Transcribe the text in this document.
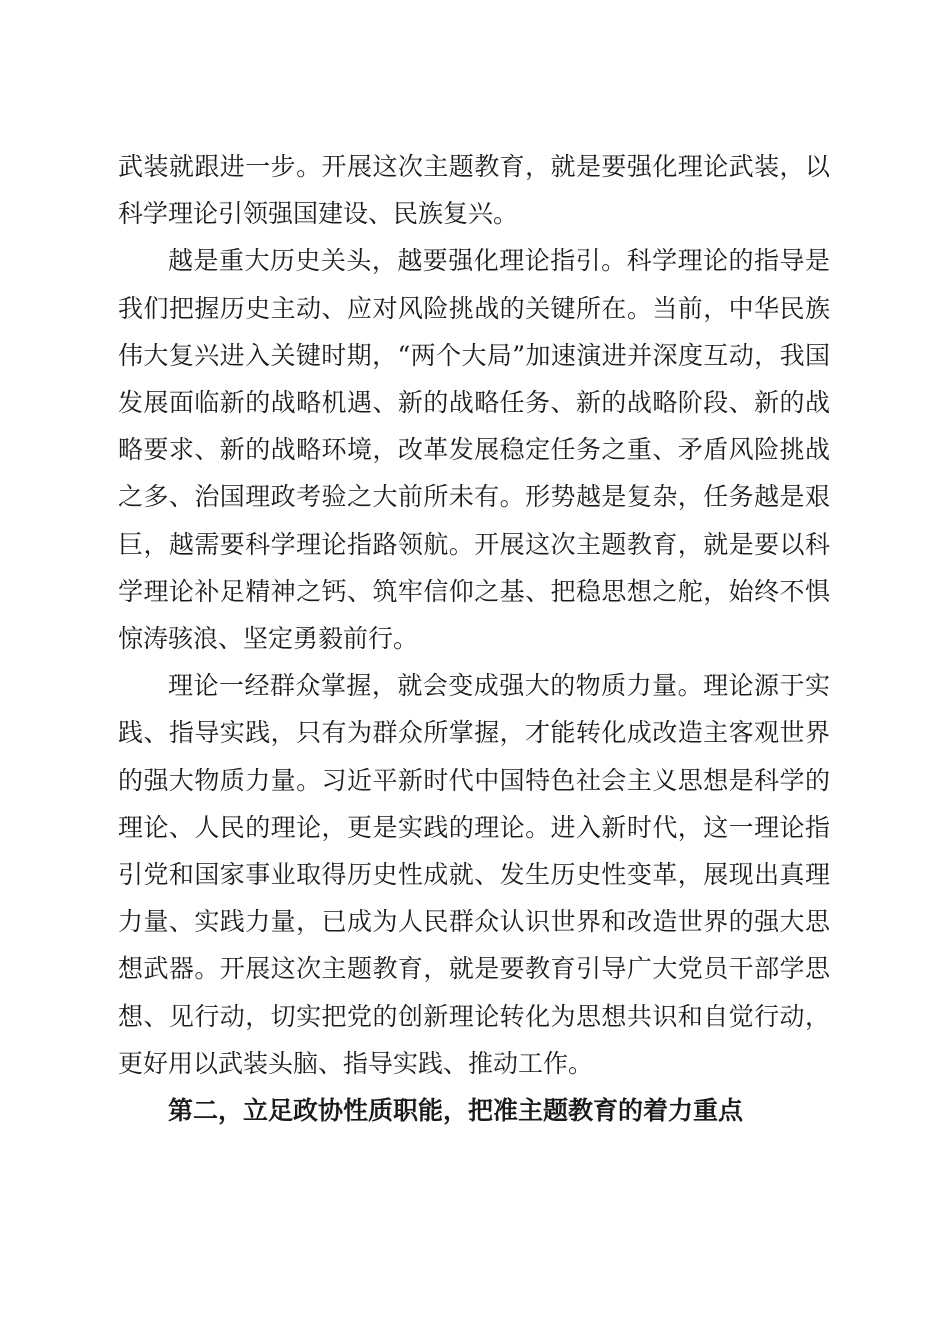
武装就跟进一步。开展这次主题教育，就是要强化理论武装，以科学理论引领强国建设、民族复兴。

越是重大历史关头，越要强化理论指引。科学理论的指导是我们把握历史主动、应对风险挑战的关键所在。当前，中华民族伟大复兴进入关键时期，“两个大局”加速演进并深度互动，我国发展面临新的战略机遇、新的战略任务、新的战略阶段、新的战略要求、新的战略环境，改革发展稳定任务之重、矛盾风险挑战之多、治国理政考验之大前所未有。形势越是复杂，任务越是艰巨，越需要科学理论指路领航。开展这次主题教育，就是要以科学理论补足精神之钙、筑牢信仰之基、把稳思想之舵，始终不惧惊涛骇浪、坚定勇毅前行。

理论一经群众掌握，就会变成强大的物质力量。理论源于实践、指导实践，只有为群众所掌握，才能转化成改造主客观世界的强大物质力量。习近平新时代中国特色社会主义思想是科学的理论、人民的理论，更是实践的理论。进入新时代，这一理论指引党和国家事业取得历史性成就、发生历史性变革，展现出真理力量、实践力量，已成为人民群众认识世界和改造世界的强大思想武器。开展这次主题教育，就是要教育引导广大党员干部学思想、见行动，切实把党的创新理论转化为思想共识和自觉行动，更好用以武装头脑、指导实践、推动工作。

第二，立足政协性质职能，把准主题教育的着力重点
